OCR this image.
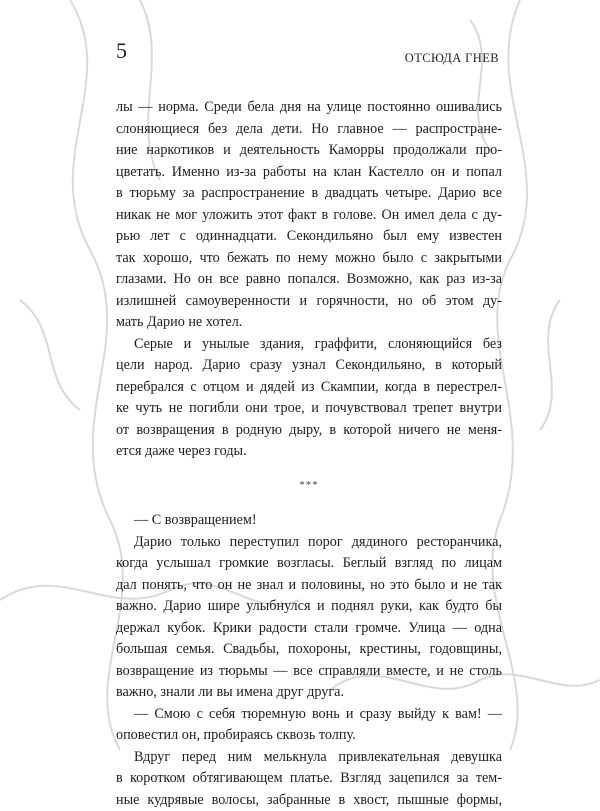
5	ОТСЮДА ГНЕВ
лы — норма. Среди бела дня на улице постоянно ошивались
слоняющиеся без дела дети. Но главное — распростране-
ние наркотиков и деятельность Каморры продолжали про-
цветать. Именно из-за работы на клан Кастелло он и попал
в тюрьму за распространение в двадцать четыре. Дарио все
никак не мог уложить этот факт в голове. Он имел дела с ду-
рью лет с одиннадцати. Секондильяно был ему известен
так хорошо, что бежать по нему можно было с закрытыми
глазами. Но он все равно попался. Возможно, как раз из-за
излишней самоуверенности и горячности, но об этом ду-
мать Дарио не хотел.
Серые и унылые здания, граффити, слоняющийся без
цели народ. Дарио сразу узнал Секондильяно, в который
перебрался с отцом и дядей из Скампии, когда в перестрел-
ке чуть не погибли они трое, и почувствовал трепет внутри
от возвращения в родную дыру, в которой ничего не меня-
ется даже через годы.
***
— С возвращением!
Дарио только переступил порог дядиного ресторанчика,
когда услышал громкие возгласы. Беглый взгляд по лицам
дал понять, что он не знал и половины, но это было и не так
важно. Дарио шире улыбнулся и поднял руки, как будто бы
держал кубок. Крики радости стали громче. Улица — одна
большая семья. Свадьбы, похороны, крестины, годовщины,
возвращение из тюрьмы — все справляли вместе, и не столь
важно, знали ли вы имена друг друга.
— Смою с себя тюремную вонь и сразу выйду к вам! —
оповестил он, пробираясь сквозь толпу.
Вдруг перед ним мелькнула привлекательная девушка
в коротком обтягивающем платье. Взгляд зацепился за тем-
ные кудрявые волосы, забранные в хвост, пышные формы,
